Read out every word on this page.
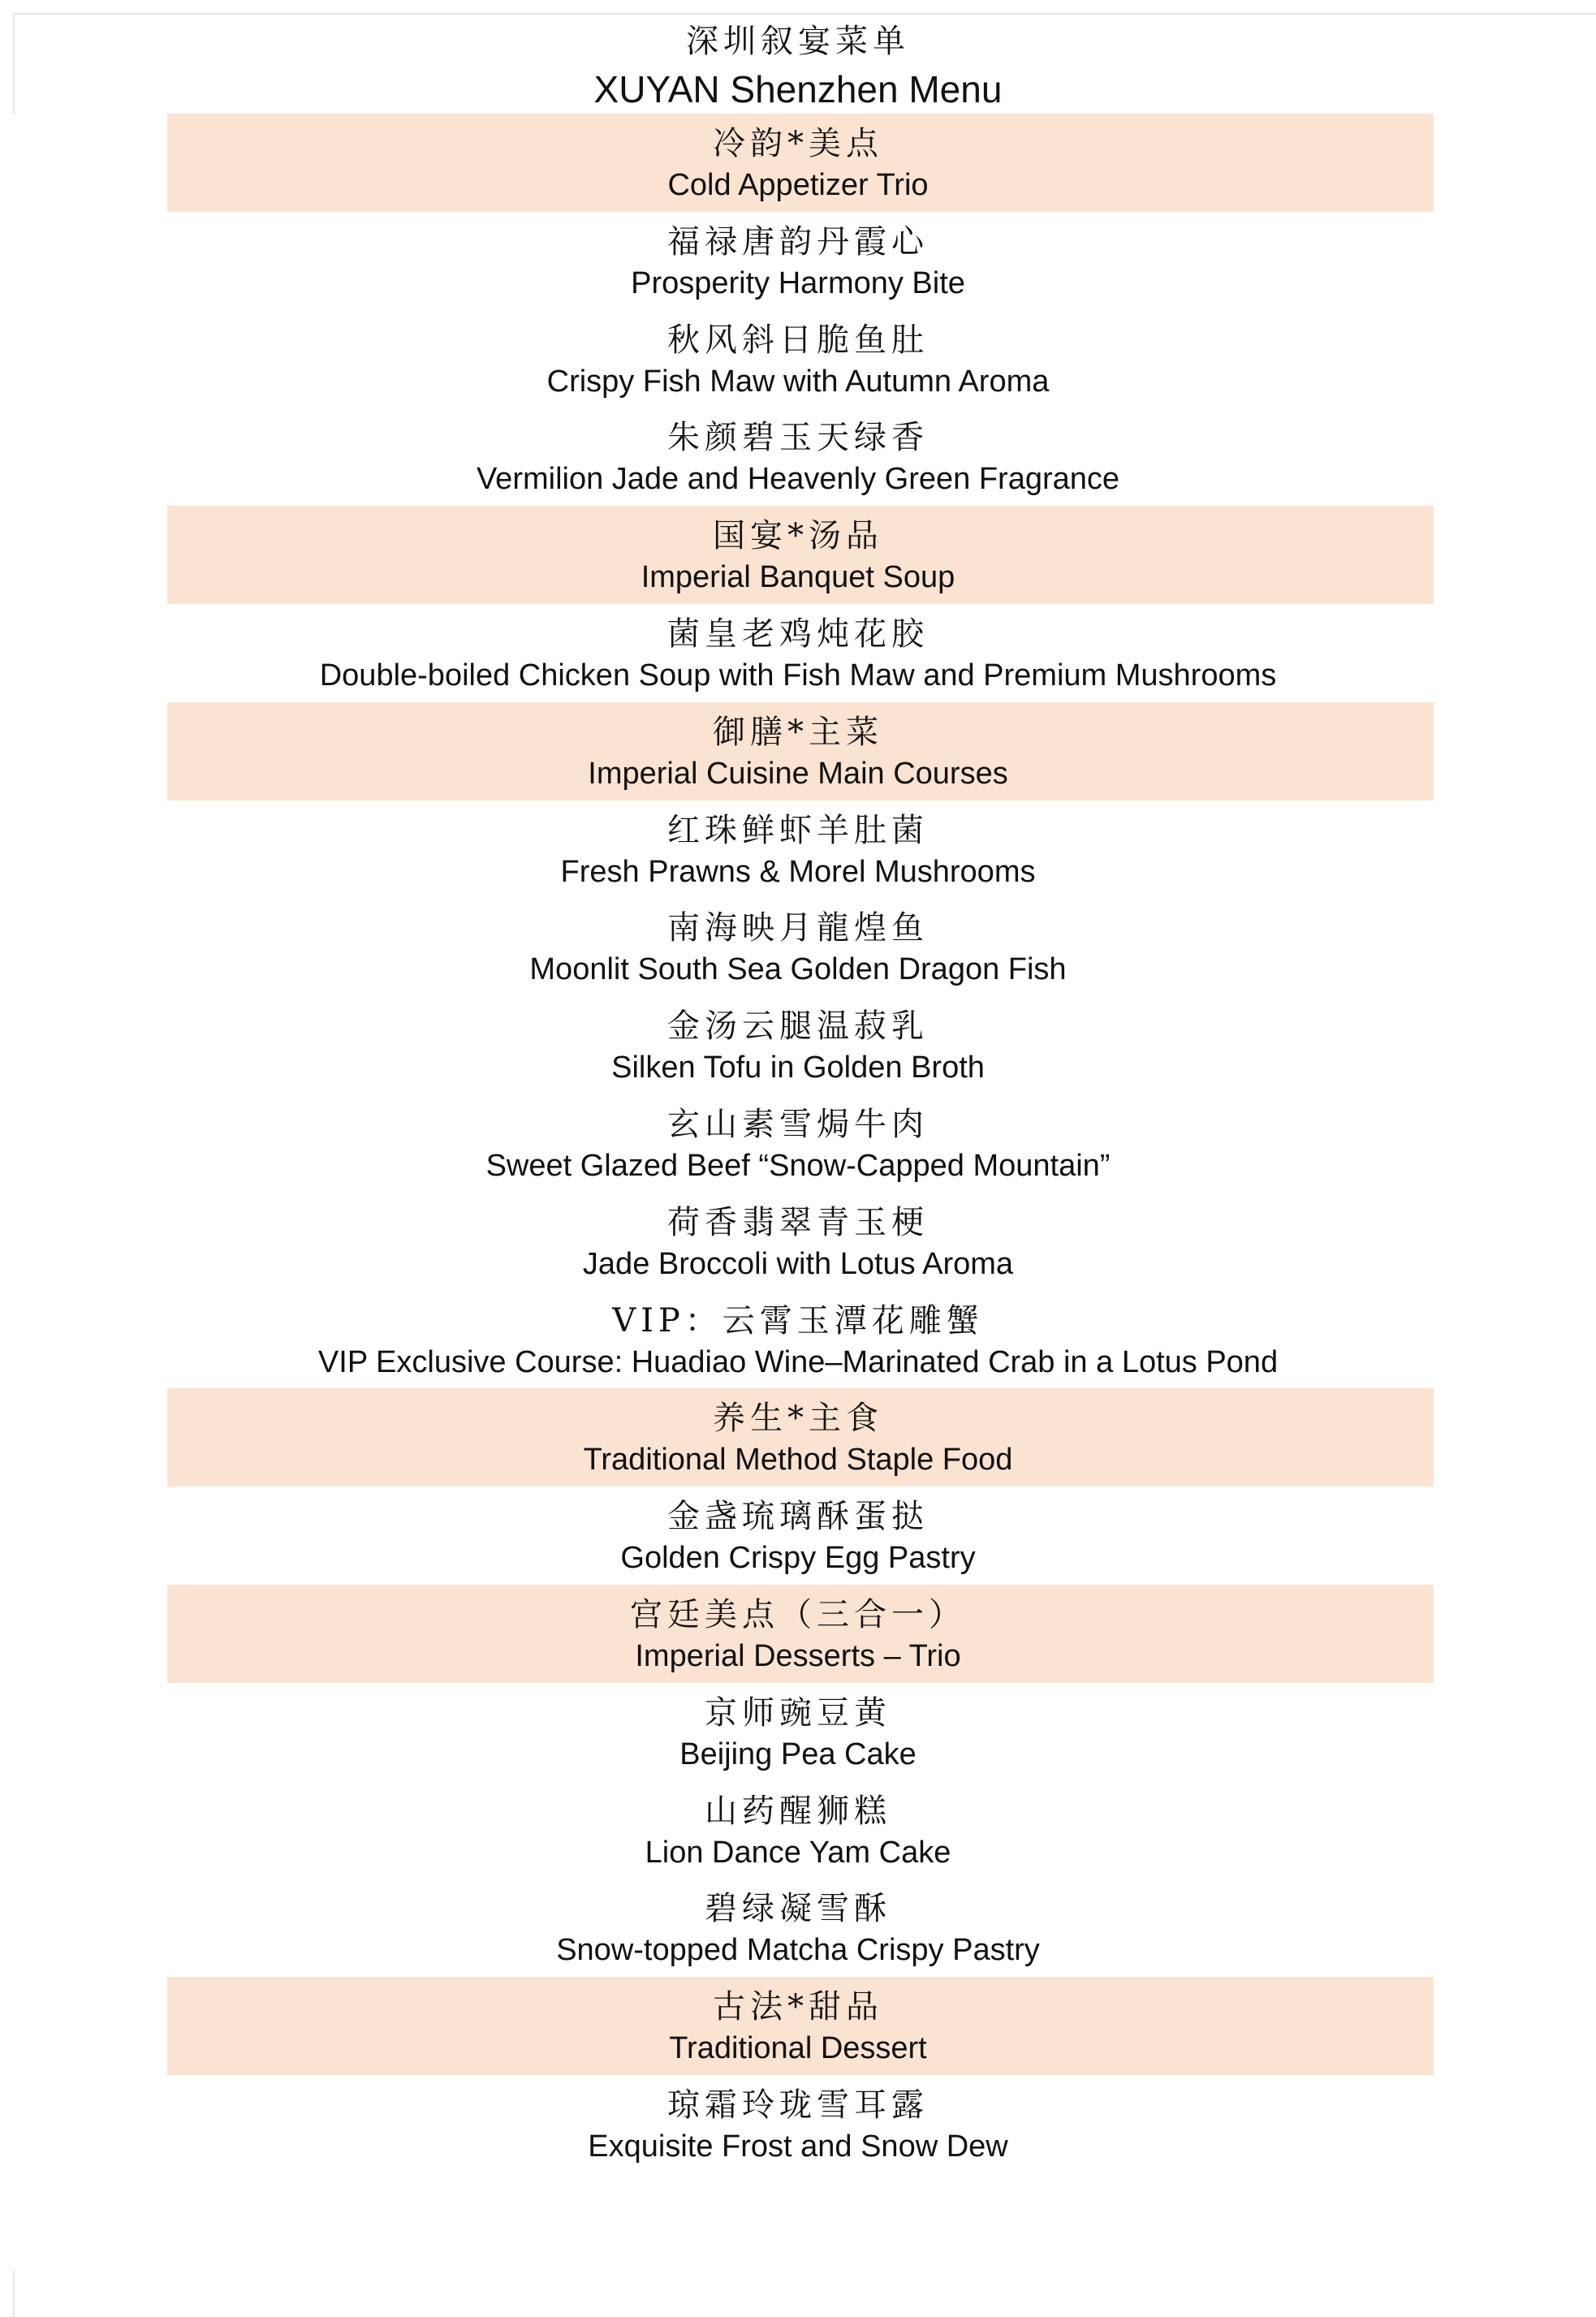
深圳叙宴菜单
XUYAN Shenzhen Menu
冷韵*美点
Cold Appetizer Trio
福禄唐韵丹霞心
Prosperity Harmony Bite
秋风斜日脆鱼肚
Crispy Fish Maw with Autumn Aroma
朱颜碧玉天绿香
Vermilion Jade and Heavenly Green Fragrance
国宴*汤品
Imperial Banquet Soup
菌皇老鸡炖花胶
Double-boiled Chicken Soup with Fish Maw and Premium Mushrooms
御膳*主菜
Imperial Cuisine Main Courses
红珠鲜虾羊肚菌
Fresh Prawns & Morel Mushrooms
南海映月龍煌鱼
Moonlit South Sea Golden Dragon Fish
金汤云腿温菽乳
Silken Tofu in Golden Broth
玄山素雪焗牛肉
Sweet Glazed Beef “Snow-Capped Mountain”
荷香翡翠青玉梗
Jade Broccoli with Lotus Aroma
VIP：云霄玉潭花雕蟹
VIP Exclusive Course: Huadiao Wine–Marinated Crab in a Lotus Pond
养生*主食
Traditional Method Staple Food
金盏琉璃酥蛋挞
Golden Crispy Egg Pastry
宫廷美点（三合一）
Imperial Desserts – Trio
京师豌豆黄
Beijing Pea Cake
山药醒狮糕
Lion Dance Yam Cake
碧绿凝雪酥
Snow-topped Matcha Crispy Pastry
古法*甜品
Traditional Dessert
琼霜玲珑雪耳露
Exquisite Frost and Snow Dew
